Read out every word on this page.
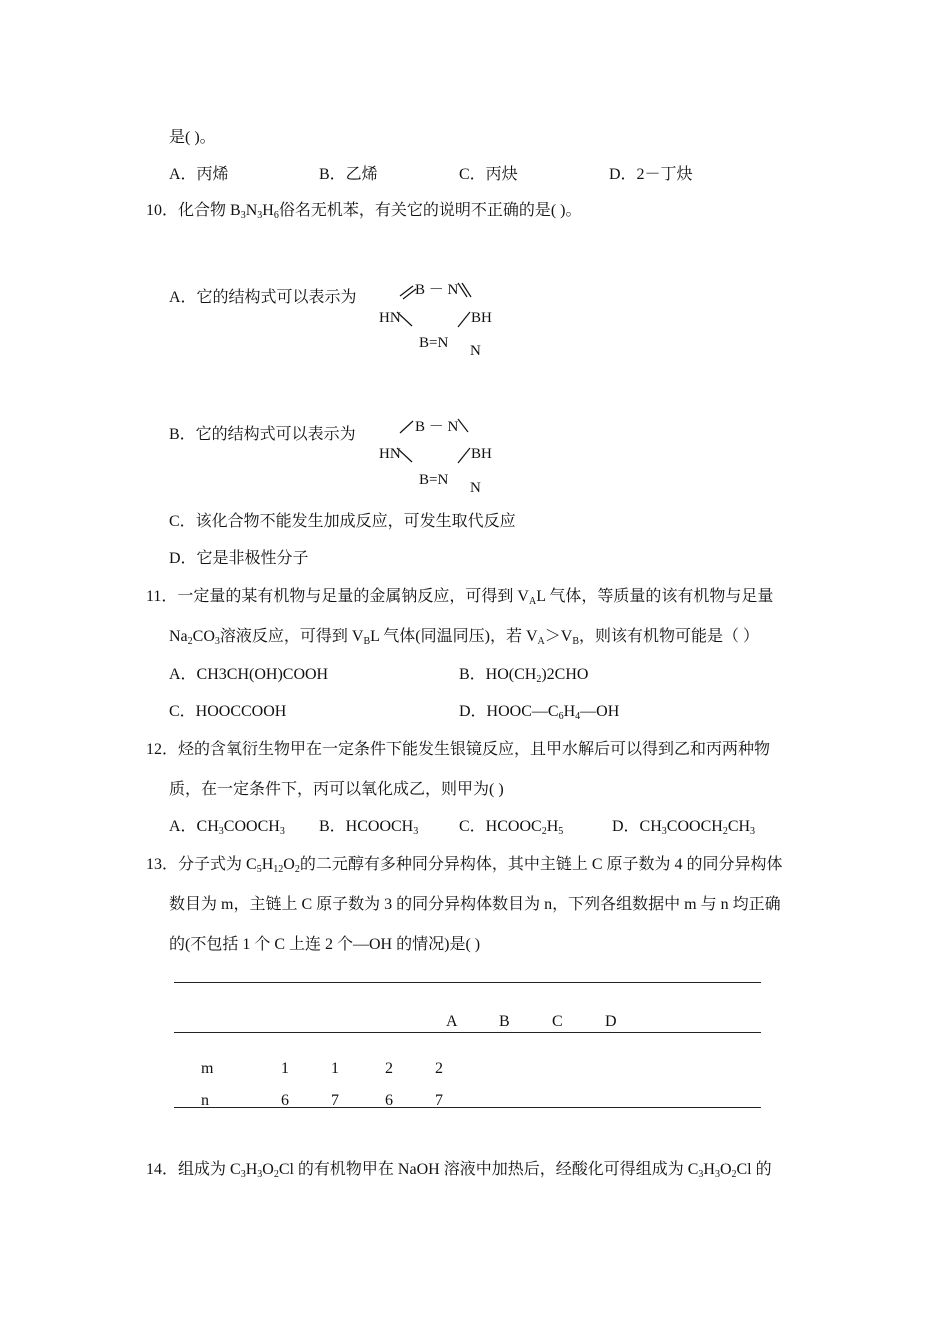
是( )。
A．丙烯	B．乙烯	C．丙炔	D．2－丁炔
10．化合物 $B_3N_3H_6$俗名无机苯，有关它的说明不正确的是( )。
A．它的结构式可以表示为	B － N
HN	BH
B=N N
B．它的结构式可以表示为	B － N
HN	BH
B=N N
C．该化合物不能发生加成反应，可发生取代反应
D．它是非极性分子
11．一定量的某有机物与足量的金属钠反应，可得到 $V_AL$ 气体，等质量的该有机物与足量
$Na_2CO_3$溶液反应，可得到 $V_BL$ 气体(同温同压)，若 $V_A>V_B$，则该有机物可能是（ ）
A．CH3CH(OH)COOH	B．$HO(CH_2)2CHO$
C．HOOCCOOH	D．$HOOC—C_6H_4—OH$
12．烃的含氧衍生物甲在一定条件下能发生银镜反应，且甲水解后可以得到乙和丙两种物
质，在一定条件下，丙可以氧化成乙，则甲为( )
A．$CH_3COOCH_3$ B．$HCOOCH_3$	C．$HCOOC_2H_5$	D．$CH_3COOCH_2CH_3$
13．分子式为 $C_5H_{12}O_2$的二元醇有多种同分异构体，其中主链上 C 原子数为 4 的同分异构体
数目为 m，主链上 C 原子数为 3 的同分异构体数目为 n，下列各组数据中 m 与 n 均正确
的(不包括 1 个 C 上连 2 个—OH 的情况)是( )
A	B	C	D
m	1	1	2	2
n	6	7	6	7
14．组成为 $C_3H_3O_2Cl$ 的有机物甲在 NaOH 溶液中加热后，经酸化可得组成为 $C_3H_3O_2Cl$ 的
